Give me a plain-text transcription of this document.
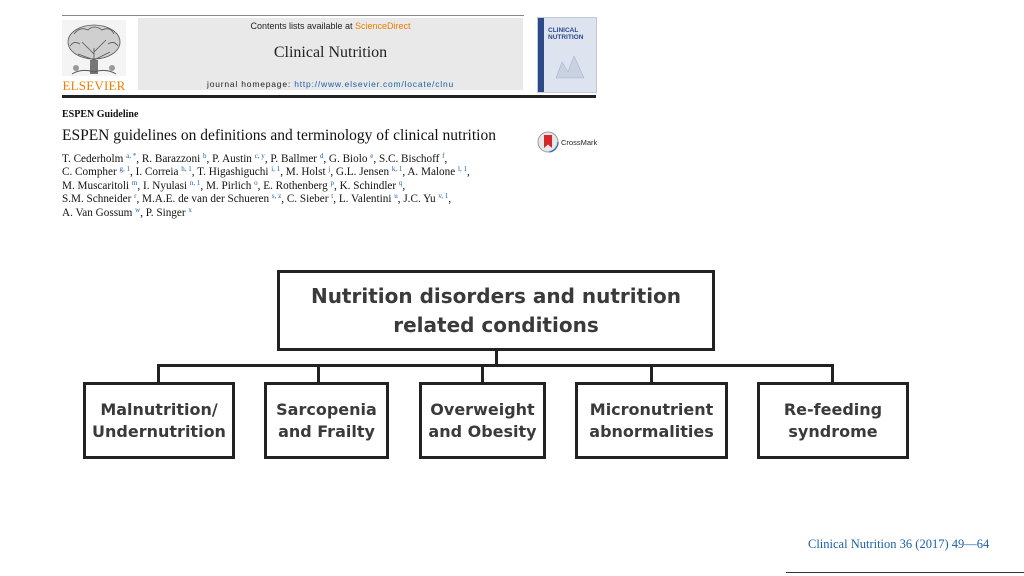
ELSEVIER
Contents lists available at ScienceDirect
Clinical Nutrition
journal homepage: http://www.elsevier.com/locate/clnu
CLINICAL
NUTRITION
ESPEN Guideline
ESPEN guidelines on definitions and terminology of clinical nutrition	CrossMark
T. Cederholm $^{a, *}$, R. Barazzoni $^b$, P. Austin $^{c, y}$, P. Ballmer $^d$, G. Biolo $^e$, S.C. Bischoff $^f$,
C. Compher $^{g, 1}$, I. Correia $^{h, 1}$, T. Higashiguchi $^{i, 1}$, M. Holst $^j$, G.L. Jensen $^{k, 1}$, A. Malone $^{l, 1}$,
M. Muscaritoli $^m$, I. Nyulasi $^{n, 1}$, M. Pirlich $^o$, E. Rothenberg $^p$, K. Schindler $^q$,
S.M. Schneider $^r$, M.A.E. de van der Schueren $^{s, z}$, C. Sieber $^t$, L. Valentini $^u$, J.C. Yu $^{v, 1}$,
A. Van Gossum $^w$, P. Singer $^x$
Nutrition disorders and nutrition
related conditions
Malnutrition/
Undernutrition
Sarcopenia
and Frailty
Overweight
and Obesity
Micronutrient
abnormalities
Re-feeding
syndrome
Clinical Nutrition 36 (2017) 49—64
